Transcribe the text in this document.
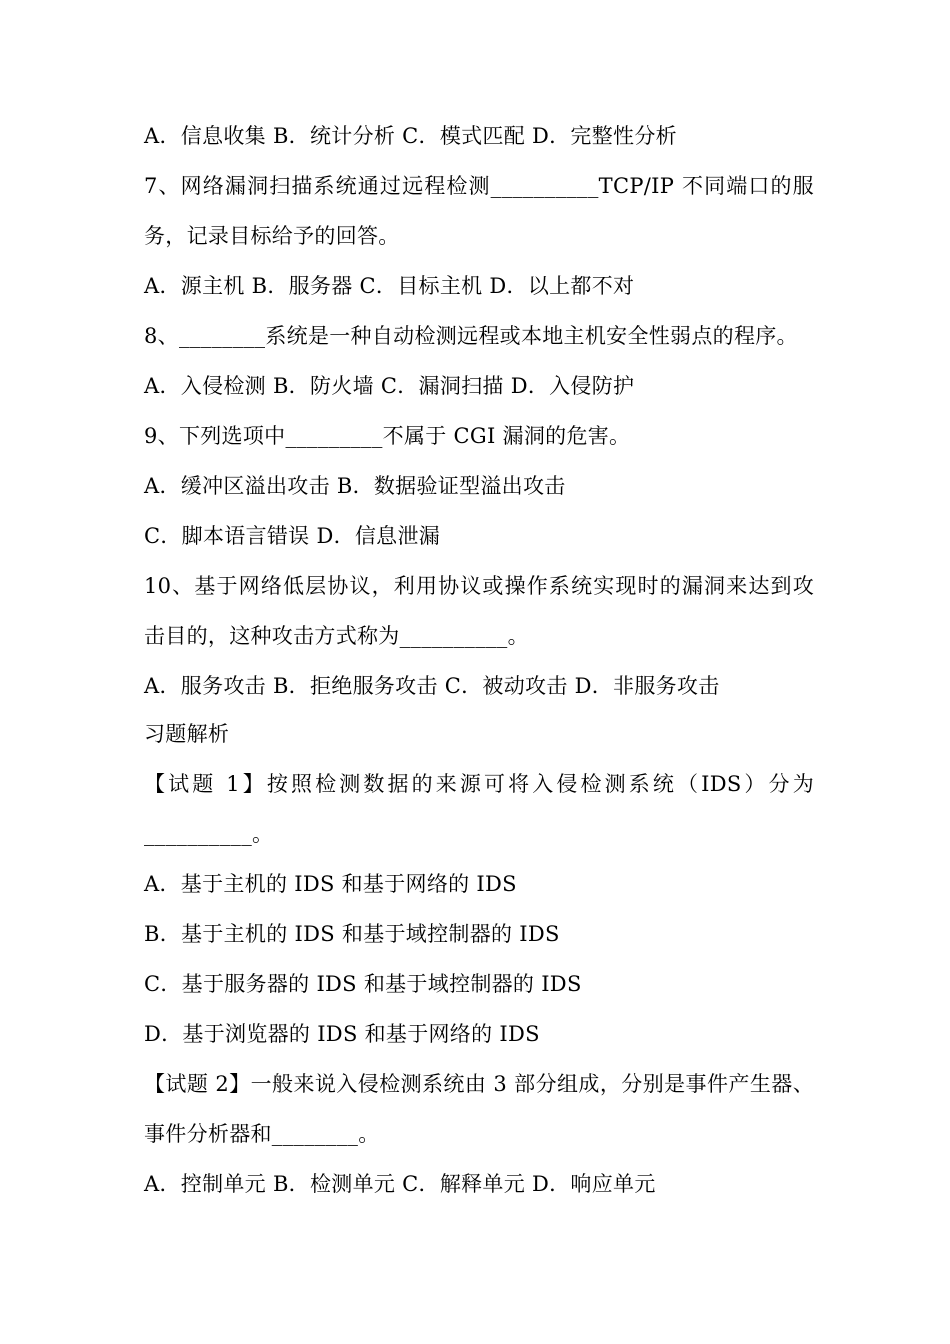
A．信息收集 B．统计分析 C．模式匹配 D．完整性分析
7、网络漏洞扫描系统通过远程检测__________TCP/IP 不同端口的服
务，记录目标给予的回答。
A．源主机 B．服务器 C．目标主机 D．以上都不对
8、________系统是一种自动检测远程或本地主机安全性弱点的程序。
A．入侵检测 B．防火墙 C．漏洞扫描 D．入侵防护
9、下列选项中_________不属于 CGI 漏洞的危害。
A．缓冲区溢出攻击 B．数据验证型溢出攻击
C．脚本语言错误 D．信息泄漏
10、基于网络低层协议，利用协议或操作系统实现时的漏洞来达到攻
击目的，这种攻击方式称为__________。
A．服务攻击 B．拒绝服务攻击 C．被动攻击 D．非服务攻击
习题解析
【试题 1】按照检测数据的来源可将入侵检测系统（IDS）分为
__________。
A．基于主机的 IDS 和基于网络的 IDS
B．基于主机的 IDS 和基于域控制器的 IDS
C．基于服务器的 IDS 和基于域控制器的 IDS
D．基于浏览器的 IDS 和基于网络的 IDS
【试题 2】一般来说入侵检测系统由 3 部分组成，分别是事件产生器、
事件分析器和________。
A．控制单元 B．检测单元 C．解释单元 D．响应单元
